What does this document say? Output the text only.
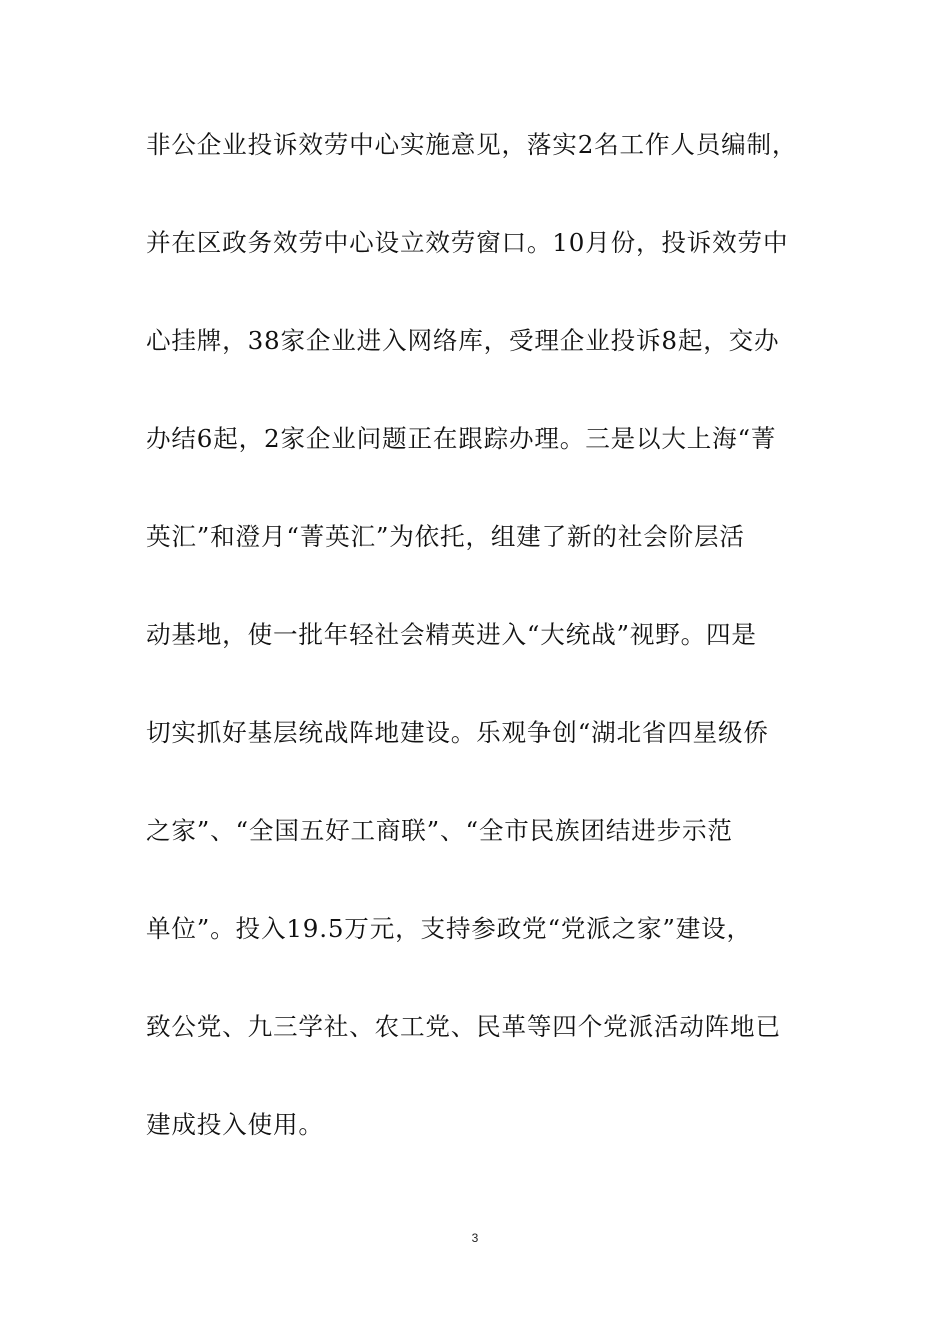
非公企业投诉效劳中心实施意见，落实2名工作人员编制，
并在区政务效劳中心设立效劳窗口。10月份，投诉效劳中
心挂牌，38家企业进入网络库，受理企业投诉8起，交办
办结6起，2家企业问题正在跟踪办理。三是以大上海“菁
英汇”和澄月“菁英汇”为依托，组建了新的社会阶层活
动基地，使一批年轻社会精英进入“大统战”视野。四是
切实抓好基层统战阵地建设。乐观争创“湖北省四星级侨
之家”、“全国五好工商联”、“全市民族团结进步示范
单位”。投入19.5万元，支持参政党“党派之家”建设，
致公党、九三学社、农工党、民革等四个党派活动阵地已
建成投入使用。
3
